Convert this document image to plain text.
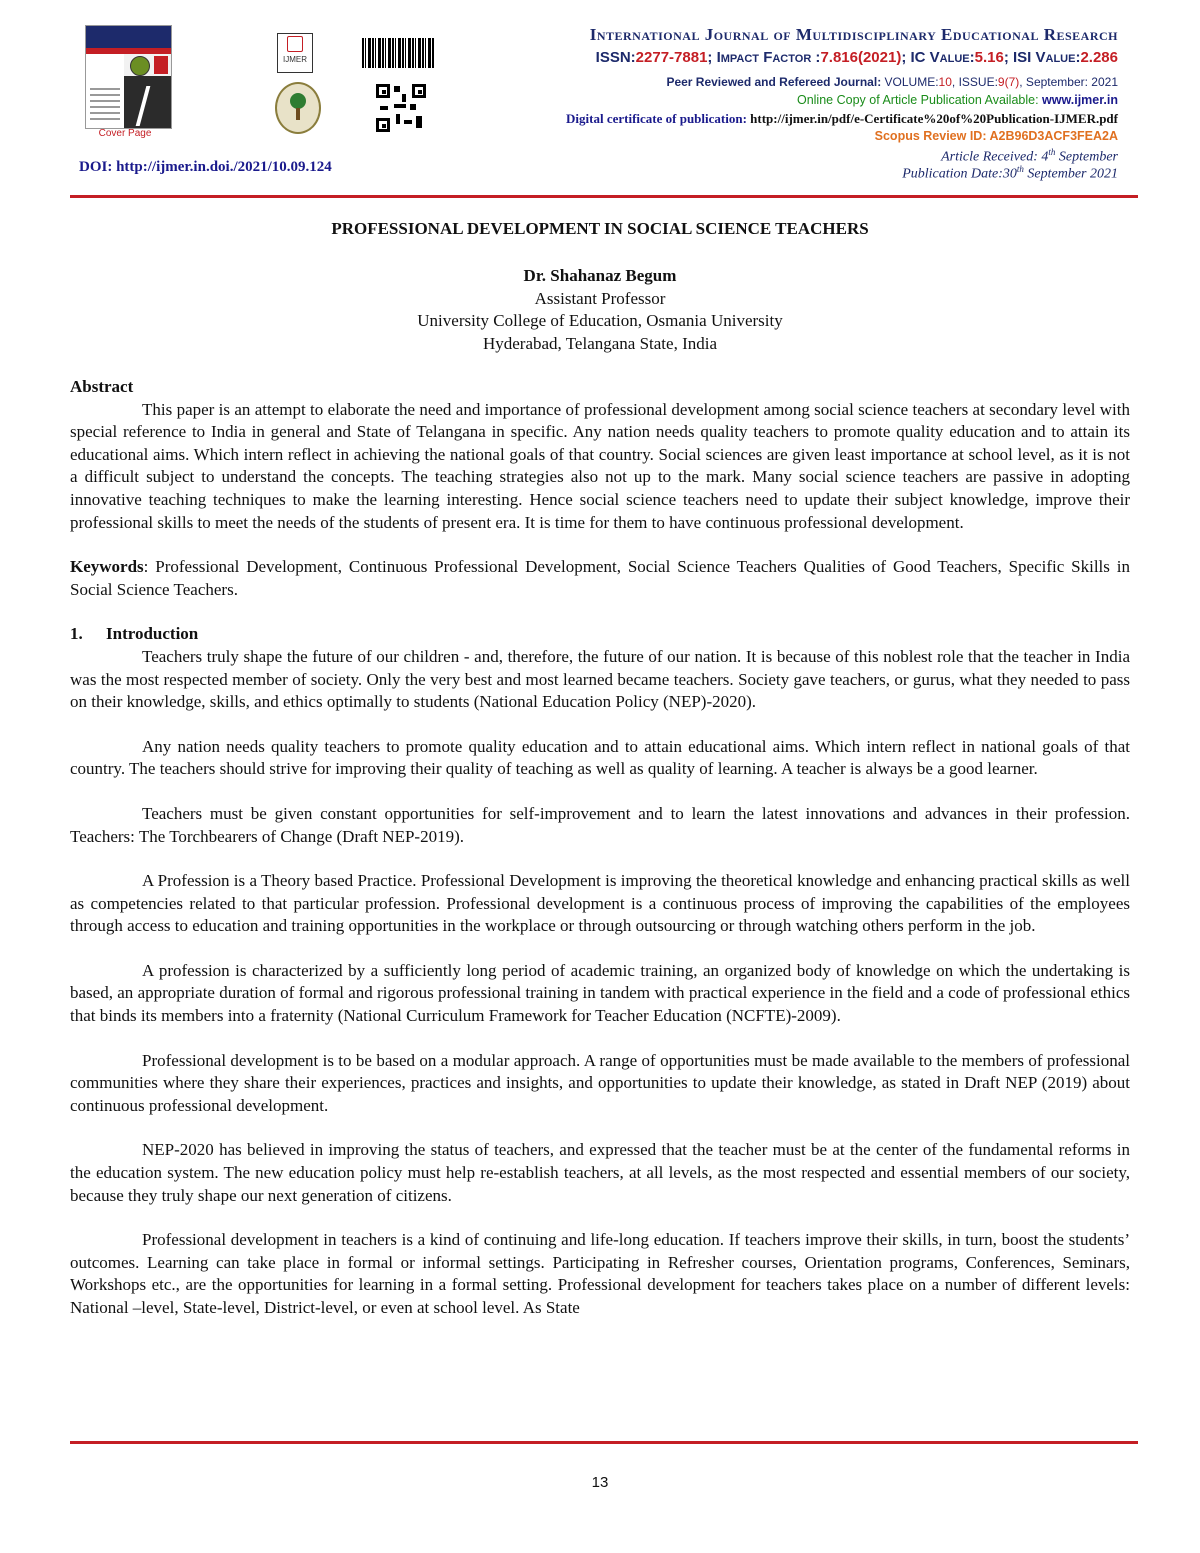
Cover Page
IJMER
DOI: http://ijmer.in.doi./2021/10.09.124
International Journal of Multidisciplinary Educational Research
ISSN:2277-7881; Impact Factor :7.816(2021); IC Value:5.16; ISI Value:2.286
Peer Reviewed and Refereed Journal: VOLUME:10, ISSUE:9(7), September: 2021
Online Copy of Article Publication Available: www.ijmer.in
Digital certificate of publication: http://ijmer.in/pdf/e-Certificate%20of%20Publication-IJMER.pdf
Scopus Review ID: A2B96D3ACF3FEA2A
Article Received: 4th September
Publication Date:30th September 2021
PROFESSIONAL DEVELOPMENT IN SOCIAL SCIENCE TEACHERS
Dr. Shahanaz Begum
Assistant Professor
University College of Education, Osmania University
Hyderabad, Telangana State, India
Abstract

This paper is an attempt to elaborate the need and importance of professional development among social science teachers at secondary level with special reference to India in general and State of Telangana in specific. Any nation needs quality teachers to promote quality education and to attain its educational aims. Which intern reflect in achieving the national goals of that country. Social sciences are given least importance at school level, as it is not a difficult subject to understand the concepts. The teaching strategies also not up to the mark. Many social science teachers are passive in adopting innovative teaching techniques to make the learning interesting. Hence social science teachers need to update their subject knowledge, improve their professional skills to meet the needs of the students of present era. It is time for them to have continuous professional development.

Keywords: Professional Development, Continuous Professional Development, Social Science Teachers Qualities of Good Teachers, Specific Skills in Social Science Teachers.

1.	Introduction

Teachers truly shape the future of our children - and, therefore, the future of our nation. It is because of this noblest role that the teacher in India was the most respected member of society. Only the very best and most learned became teachers. Society gave teachers, or gurus, what they needed to pass on their knowledge, skills, and ethics optimally to students (National Education Policy (NEP)-2020).

Any nation needs quality teachers to promote quality education and to attain educational aims. Which intern reflect in national goals of that country. The teachers should strive for improving their quality of teaching as well as quality of learning. A teacher is always be a good learner.

Teachers must be given constant opportunities for self-improvement and to learn the latest innovations and advances in their profession. Teachers: The Torchbearers of Change (Draft NEP-2019).

A Profession is a Theory based Practice. Professional Development is improving the theoretical knowledge and enhancing practical skills as well as competencies related to that particular profession. Professional development is a continuous process of improving the capabilities of the employees through access to education and training opportunities in the workplace or through outsourcing or through watching others perform in the job.

A profession is characterized by a sufficiently long period of academic training, an organized body of knowledge on which the undertaking is based, an appropriate duration of formal and rigorous professional training in tandem with practical experience in the field and a code of professional ethics that binds its members into a fraternity (National Curriculum Framework for Teacher Education (NCFTE)-2009).

Professional development is to be based on a modular approach. A range of opportunities must be made available to the members of professional communities where they share their experiences, practices and insights, and opportunities to update their knowledge, as stated in Draft NEP (2019) about continuous professional development.

NEP-2020 has believed in improving the status of teachers, and expressed that the teacher must be at the center of the fundamental reforms in the education system. The new education policy must help re-establish teachers, at all levels, as the most respected and essential members of our society, because they truly shape our next generation of citizens.

Professional development in teachers is a kind of continuing and life-long education. If teachers improve their skills, in turn, boost the students’ outcomes. Learning can take place in formal or informal settings. Participating in Refresher courses, Orientation programs, Conferences, Seminars, Workshops etc., are the opportunities for learning in a formal setting. Professional development for teachers takes place on a number of different levels: National –level, State-level, District-level, or even at school level. As State

13
